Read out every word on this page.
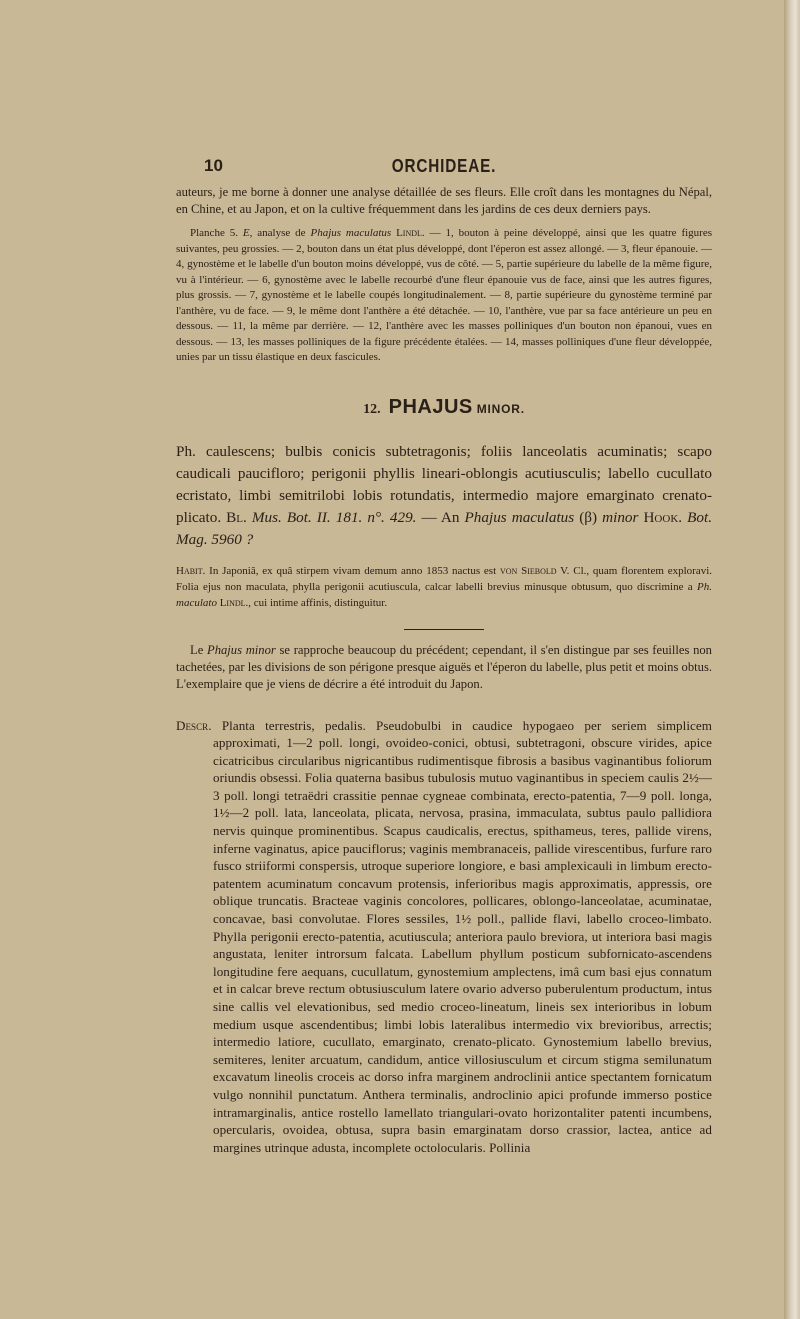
10	ORCHIDEAE.

auteurs, je me borne à donner une analyse détaillée de ses fleurs. Elle croît dans les montagnes du Népal, en Chine, et au Japon, et on la cultive fréquemment dans les jardins de ces deux derniers pays.

Planche 5. E, analyse de Phajus maculatus Lindl. — 1, bouton à peine développé, ainsi que les quatre figures suivantes, peu grossies. — 2, bouton dans un état plus développé, dont l'éperon est assez allongé. — 3, fleur épanouie. — 4, gynostème et le labelle d'un bouton moins développé, vus de côté. — 5, partie supérieure du labelle de la même figure, vu à l'intérieur. — 6, gynostème avec le labelle recourbé d'une fleur épanouie vus de face, ainsi que les autres figures, plus grossis. — 7, gynostème et le labelle coupés longitudinalement. — 8, partie supérieure du gynostème terminé par l'anthère, vu de face. — 9, le même dont l'anthère a été détachée. — 10, l'anthère, vue par sa face antérieure un peu en dessous. — 11, la même par derrière. — 12, l'anthère avec les masses polliniques d'un bouton non épanoui, vues en dessous. — 13, les masses polliniques de la figure précédente étalées. — 14, masses polliniques d'une fleur développée, unies par un tissu élastique en deux fascicules.

12. PHAJUS MINOR.

Ph. caulescens; bulbis conicis subtetragonis; foliis lanceolatis acuminatis; scapo caudicali paucifloro; perigonii phyllis lineari-oblongis acutiusculis; labello cucullato ecristato, limbi semitrilobi lobis rotundatis, intermedio majore emarginato crenato-plicato. Bl. Mus. Bot. II. 181. n°. 429. — An Phajus maculatus (β) minor Hook. Bot. Mag. 5960 ?

Habit. In Japoniâ, ex quâ stirpem vivam demum anno 1853 nactus est von Siebold V. Cl., quam florentem exploravi. Folia ejus non maculata, phylla perigonii acutiuscula, calcar labelli brevius minusque obtusum, quo discrimine a Ph. maculato Lindl., cui intime affinis, distinguitur.

Le Phajus minor se rapproche beaucoup du précédent; cependant, il s'en distingue par ses feuilles non tachetées, par les divisions de son périgone presque aiguës et l'éperon du labelle, plus petit et moins obtus. L'exemplaire que je viens de décrire a été introduit du Japon.

Descr. Planta terrestris, pedalis. Pseudobulbi in caudice hypogaeo per seriem simplicem approximati, 1—2 poll. longi, ovoideo-conici, obtusi, subtetragoni, obscure virides, apice cicatricibus circularibus nigricantibus rudimentisque fibrosis a basibus vaginantibus foliorum oriundis obsessi. Folia quaterna basibus tubulosis mutuo vaginantibus in speciem caulis 2½—3 poll. longi tetraëdri crassitie pennae cygneae combinata, erecto-patentia, 7—9 poll. longa, 1½—2 poll. lata, lanceolata, plicata, nervosa, prasina, immaculata, subtus paulo pallidiora nervis quinque prominentibus. Scapus caudicalis, erectus, spithameus, teres, pallide virens, inferne vaginatus, apice pauciflorus; vaginis membranaceis, pallide virescentibus, furfure raro fusco striiformi conspersis, utroque superiore longiore, e basi amplexicauli in limbum erecto-patentem acuminatum concavum protensis, inferioribus magis approximatis, appressis, ore oblique truncatis. Bracteae vaginis concolores, pollicares, oblongo-lanceolatae, acuminatae, concavae, basi convolutae. Flores sessiles, 1½ poll., pallide flavi, labello croceo-limbato. Phylla perigonii erecto-patentia, acutiuscula; anteriora paulo breviora, ut interiora basi magis angustata, leniter introrsum falcata. Labellum phyllum posticum subfornicato-ascendens longitudine fere aequans, cucullatum, gynostemium amplectens, imâ cum basi ejus connatum et in calcar breve rectum obtusiusculum latere ovario adverso puberulentum productum, intus sine callis vel elevationibus, sed medio croceo-lineatum, lineis sex interioribus in lobum medium usque ascendentibus; limbi lobis lateralibus intermedio vix brevioribus, arrectis; intermedio latiore, cucullato, emarginato, crenato-plicato. Gynostemium labello brevius, semiteres, leniter arcuatum, candidum, antice villosiusculum et circum stigma semilunatum excavatum lineolis croceis ac dorso infra marginem androclinii antice spectantem fornicatum vulgo nonnihil punctatum. Anthera terminalis, androclinio apici profunde immerso postice intramarginalis, antice rostello lamellato triangulari-ovato horizontaliter patenti incumbens, opercularis, ovoidea, obtusa, supra basin emarginatam dorso crassior, lactea, antice ad margines utrinque adusta, incomplete octolocularis. Pollinia
